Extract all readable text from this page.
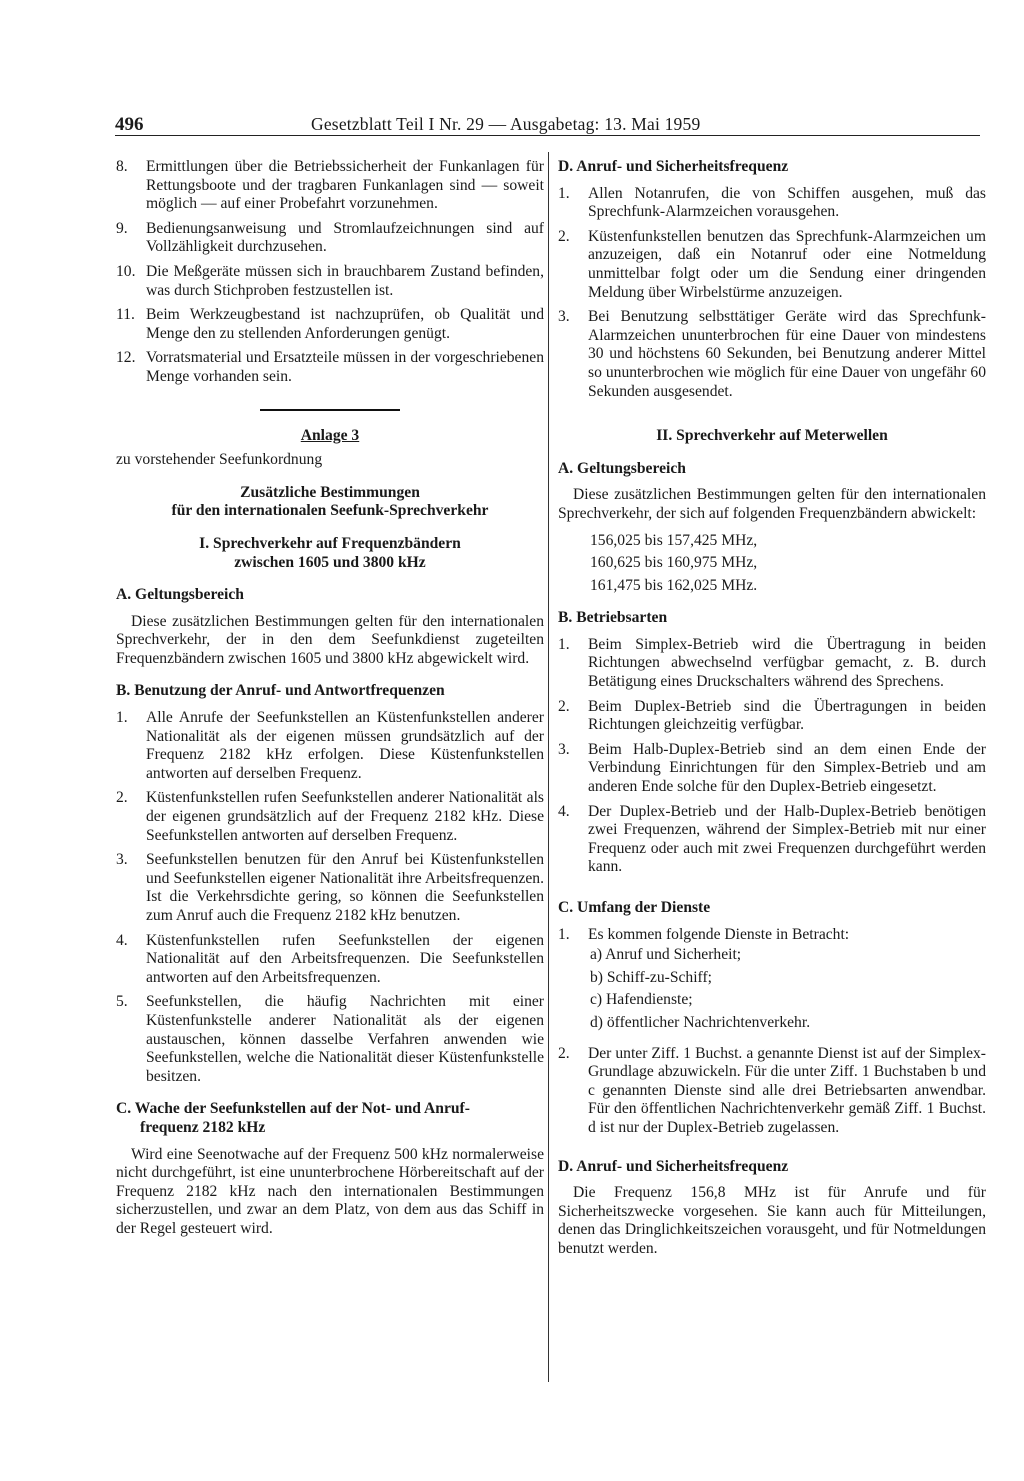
496	Gesetzblatt Teil I Nr. 29 — Ausgabetag: 13. Mai 1959
8.	Ermittlungen über die Betriebssicherheit der Funkanlagen für Rettungsboote und der tragbaren Funkanlagen sind — soweit möglich — auf einer Probefahrt vorzunehmen.
9.	Bedienungsanweisung und Stromlaufzeichnungen sind auf Vollzähligkeit durchzusehen.
10. Die Meßgeräte müssen sich in brauchbarem Zustand befinden, was durch Stichproben festzustellen ist.
11. Beim Werkzeugbestand ist nachzuprüfen, ob Qualität und Menge den zu stellenden Anforderungen genügt.
12. Vorratsmaterial und Ersatzteile müssen in der vorgeschriebenen Menge vorhanden sein.
Anlage 3
zu vorstehender Seefunkordnung
Zusätzliche Bestimmungen
für den internationalen Seefunk-Sprechverkehr
I. Sprechverkehr auf Frequenzbändern
zwischen 1605 und 3800 kHz
A. Geltungsbereich
Diese zusätzlichen Bestimmungen gelten für den internationalen Sprechverkehr, der in den dem Seefunkdienst zugeteilten Frequenzbändern zwischen 1605 und 3800 kHz abgewickelt wird.
B. Benutzung der Anruf- und Antwortfrequenzen
1.	Alle Anrufe der Seefunkstellen an Küstenfunkstellen anderer Nationalität als der eigenen müssen grundsätzlich auf der Frequenz 2182 kHz erfolgen. Diese Küstenfunkstellen antworten auf derselben Frequenz.
2.	Küstenfunkstellen rufen Seefunkstellen anderer Nationalität als der eigenen grundsätzlich auf der Frequenz 2182 kHz. Diese Seefunkstellen antworten auf derselben Frequenz.
3.	Seefunkstellen benutzen für den Anruf bei Küstenfunkstellen und Seefunkstellen eigener Nationalität ihre Arbeitsfrequenzen. Ist die Verkehrsdichte gering, so können die Seefunkstellen zum Anruf auch die Frequenz 2182 kHz benutzen.
4.	Küstenfunkstellen rufen Seefunkstellen der eigenen Nationalität auf den Arbeitsfrequenzen. Die Seefunkstellen antworten auf den Arbeitsfrequenzen.
5.	Seefunkstellen, die häufig Nachrichten mit einer Küstenfunkstelle anderer Nationalität als der eigenen austauschen, können dasselbe Verfahren anwenden wie Seefunkstellen, welche die Nationalität dieser Küstenfunkstelle besitzen.
C. Wache der Seefunkstellen auf der Not- und Anruf-
frequenz 2182 kHz
Wird eine Seenotwache auf der Frequenz 500 kHz normalerweise nicht durchgeführt, ist eine ununterbrochene Hörbereitschaft auf der Frequenz 2182 kHz nach den internationalen Bestimmungen sicherzustellen, und zwar an dem Platz, von dem aus das Schiff in der Regel gesteuert wird.
D. Anruf- und Sicherheitsfrequenz
1.	Allen Notanrufen, die von Schiffen ausgehen, muß das Sprechfunk-Alarmzeichen vorausgehen.
2.	Küstenfunkstellen benutzen das Sprechfunk-Alarmzeichen um anzuzeigen, daß ein Notanruf oder eine Notmeldung unmittelbar folgt oder um die Sendung einer dringenden Meldung über Wirbelstürme anzuzeigen.
3.	Bei Benutzung selbsttätiger Geräte wird das Sprechfunk-Alarmzeichen ununterbrochen für eine Dauer von mindestens 30 und höchstens 60 Sekunden, bei Benutzung anderer Mittel so ununterbrochen wie möglich für eine Dauer von ungefähr 60 Sekunden ausgesendet.
II. Sprechverkehr auf Meterwellen
A. Geltungsbereich
Diese zusätzlichen Bestimmungen gelten für den internationalen Sprechverkehr, der sich auf folgenden Frequenzbändern abwickelt:
156,025 bis 157,425 MHz,
160,625 bis 160,975 MHz,
161,475 bis 162,025 MHz.
B. Betriebsarten
1.	Beim Simplex-Betrieb wird die Übertragung in beiden Richtungen abwechselnd verfügbar gemacht, z. B. durch Betätigung eines Druckschalters während des Sprechens.
2.	Beim Duplex-Betrieb sind die Übertragungen in beiden Richtungen gleichzeitig verfügbar.
3.	Beim Halb-Duplex-Betrieb sind an dem einen Ende der Verbindung Einrichtungen für den Simplex-Betrieb und am anderen Ende solche für den Duplex-Betrieb eingesetzt.
4.	Der Duplex-Betrieb und der Halb-Duplex-Betrieb benötigen zwei Frequenzen, während der Simplex-Betrieb mit nur einer Frequenz oder auch mit zwei Frequenzen durchgeführt werden kann.
C. Umfang der Dienste
1.	Es kommen folgende Dienste in Betracht:
a) Anruf und Sicherheit;
b) Schiff-zu-Schiff;
c) Hafendienste;
d) öffentlicher Nachrichtenverkehr.
2.	Der unter Ziff. 1 Buchst. a genannte Dienst ist auf der Simplex-Grundlage abzuwickeln. Für die unter Ziff. 1 Buchstaben b und c genannten Dienste sind alle drei Betriebsarten anwendbar. Für den öffentlichen Nachrichtenverkehr gemäß Ziff. 1 Buchst. d ist nur der Duplex-Betrieb zugelassen.
D. Anruf- und Sicherheitsfrequenz
Die Frequenz 156,8 MHz ist für Anrufe und für Sicherheitszwecke vorgesehen. Sie kann auch für Mitteilungen, denen das Dringlichkeitszeichen vorausgeht, und für Notmeldungen benutzt werden.
